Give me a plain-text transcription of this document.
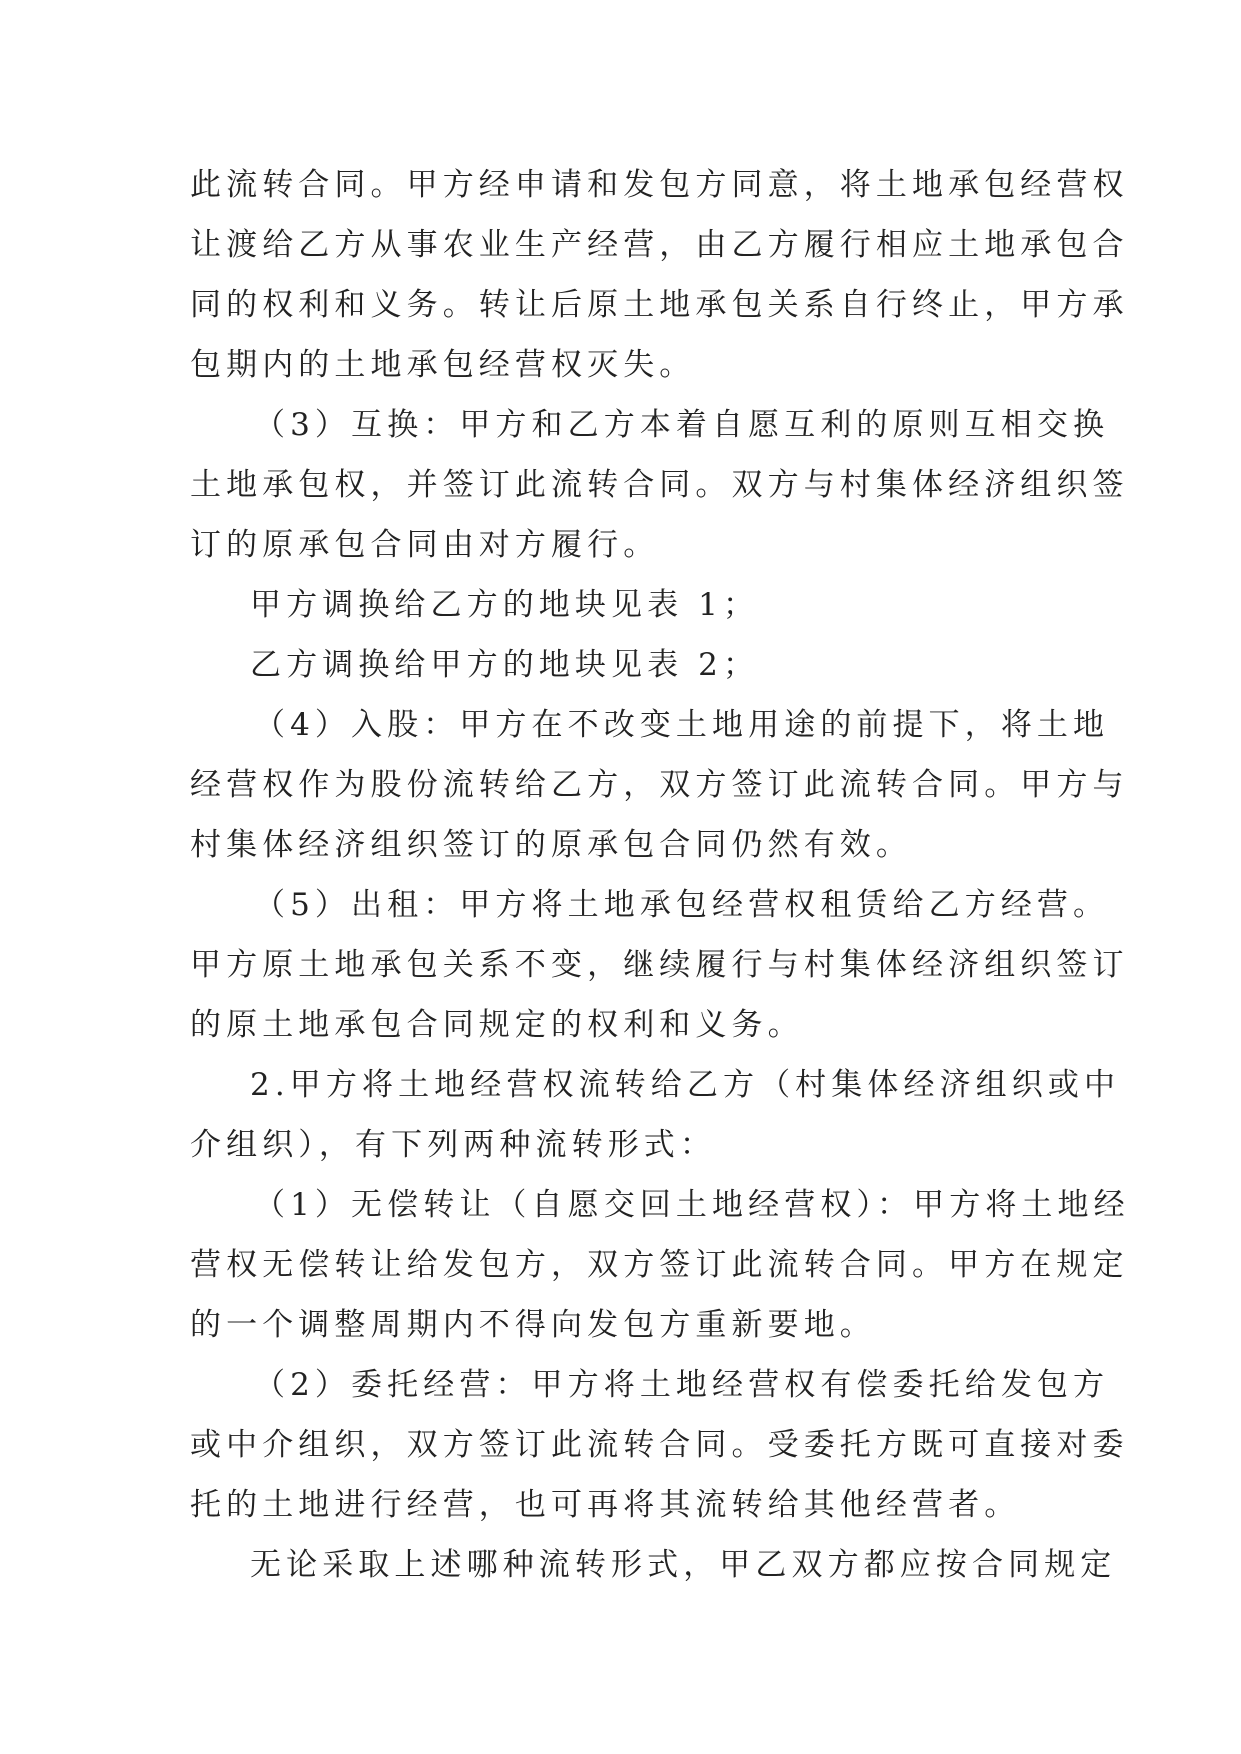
此流转合同。甲方经申请和发包方同意，将土地承包经营权
让渡给乙方从事农业生产经营，由乙方履行相应土地承包合
同的权利和义务。转让后原土地承包关系自行终止，甲方承
包期内的土地承包经营权灭失。
（3）互换：甲方和乙方本着自愿互利的原则互相交换
土地承包权，并签订此流转合同。双方与村集体经济组织签
订的原承包合同由对方履行。
甲方调换给乙方的地块见表 1；
乙方调换给甲方的地块见表 2；
（4）入股：甲方在不改变土地用途的前提下，将土地
经营权作为股份流转给乙方，双方签订此流转合同。甲方与
村集体经济组织签订的原承包合同仍然有效。
（5）出租：甲方将土地承包经营权租赁给乙方经营。
甲方原土地承包关系不变，继续履行与村集体经济组织签订
的原土地承包合同规定的权利和义务。
2.甲方将土地经营权流转给乙方（村集体经济组织或中
介组织），有下列两种流转形式：
（1）无偿转让（自愿交回土地经营权）：甲方将土地经
营权无偿转让给发包方，双方签订此流转合同。甲方在规定
的一个调整周期内不得向发包方重新要地。
（2）委托经营：甲方将土地经营权有偿委托给发包方
或中介组织，双方签订此流转合同。受委托方既可直接对委
托的土地进行经营，也可再将其流转给其他经营者。
无论采取上述哪种流转形式，甲乙双方都应按合同规定
